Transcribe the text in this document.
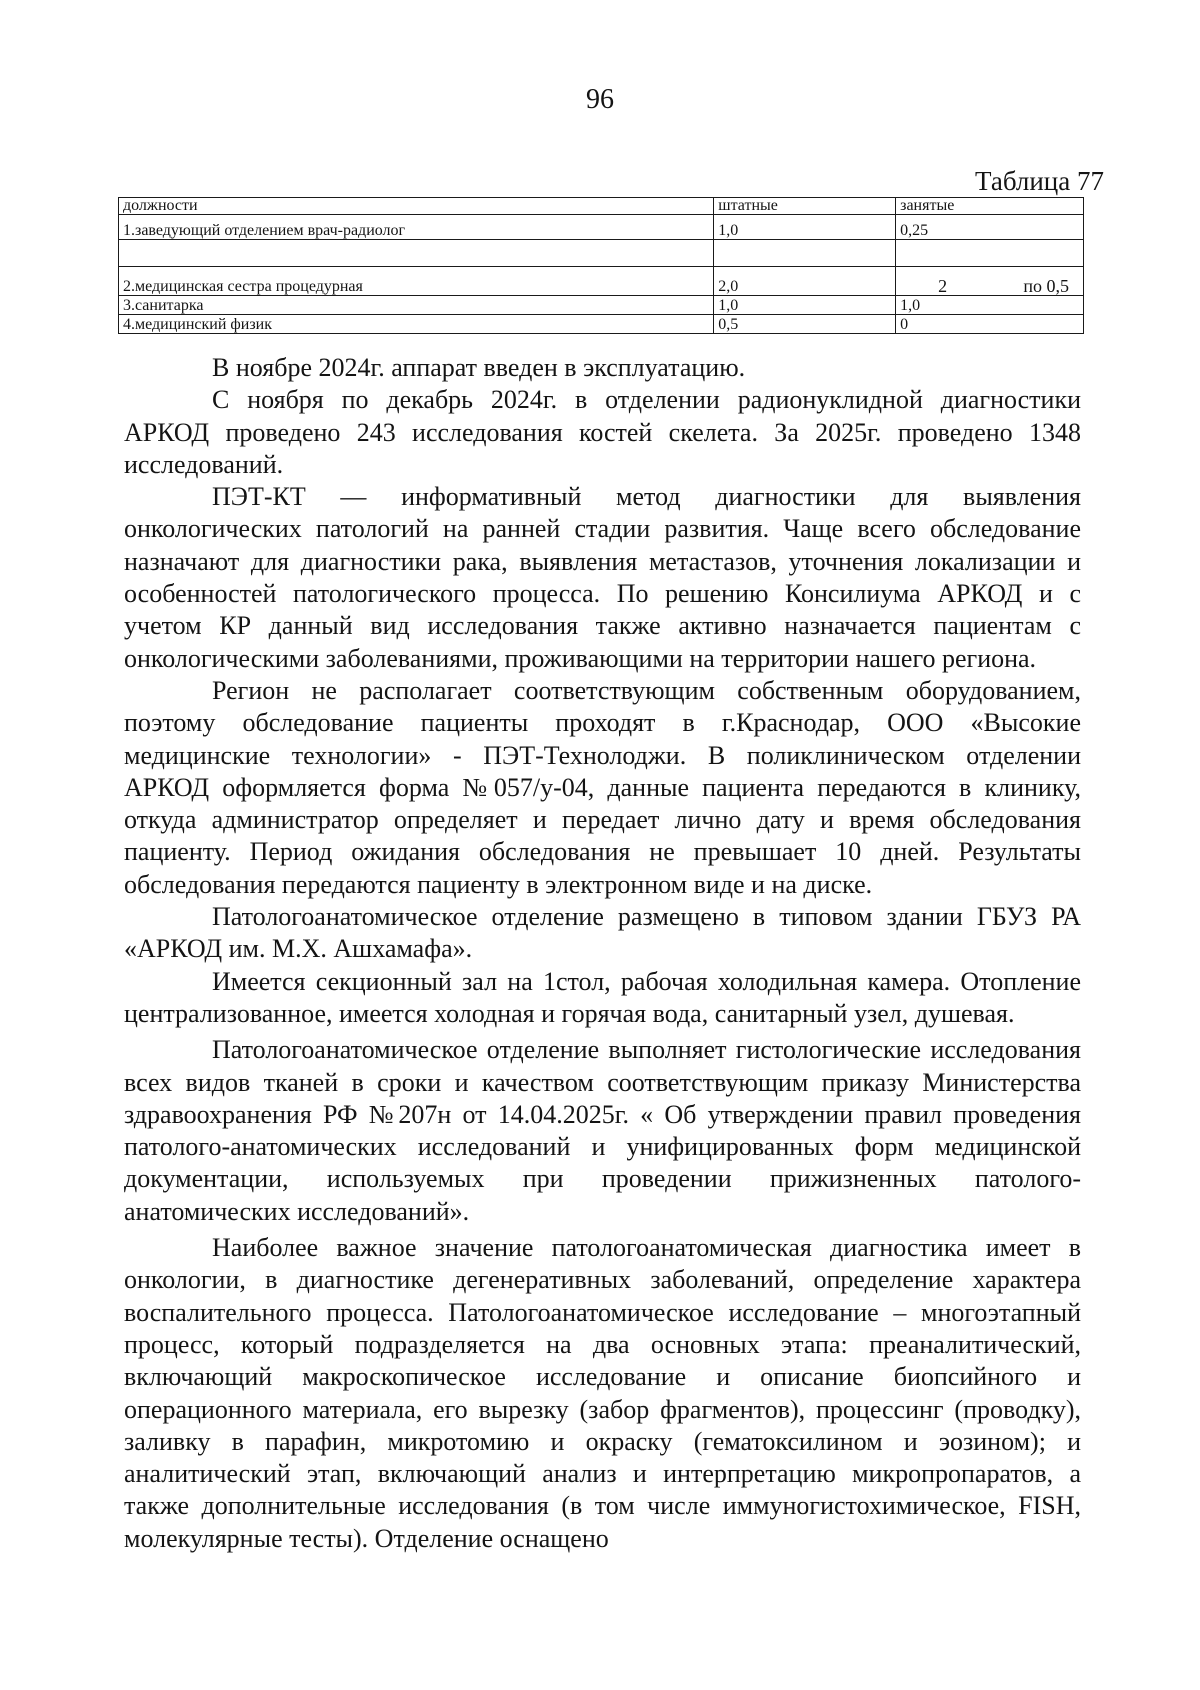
96
Таблица 77
должности	штатные	занятые
1.заведующий отделением врач-радиолог	1,0	0,25

2.медицинская сестра процедурная	2,0	2 по 0,5

3.санитарка	1,0	1,0
4.медицинский физик	0,5	0

В ноябре 2024г. аппарат введен в эксплуатацию.

С ноября по декабрь 2024г. в отделении радионуклидной диагностики АРКОД проведено 243 исследования костей скелета. За 2025г. проведено 1348 исследований.

ПЭТ-КТ — информативный метод диагностики для выявления онкологических патологий на ранней стадии развития. Чаще всего обследование назначают для диагностики рака, выявления метастазов, уточнения локализации и особенностей патологического процесса. По решению Консилиума АРКОД и с учетом КР данный вид исследования также активно назначается пациентам с онкологическими заболеваниями, проживающими на территории нашего региона.

Регион не располагает соответствующим собственным оборудованием, поэтому обследование пациенты проходят в г.Краснодар, ООО «Высокие медицинские технологии» - ПЭТ-Технолоджи. В поликлиническом отделении АРКОД оформляется форма №057/у-04, данные пациента передаются в клинику, откуда администратор определяет и передает лично дату и время обследования пациенту. Период ожидания обследования не превышает 10 дней. Результаты обследования передаются пациенту в электронном виде и на диске.

Патологоанатомическое отделение размещено в типовом здании ГБУЗ РА «АРКОД им. М.Х. Ашхамафа».

Имеется секционный зал на 1стол, рабочая холодильная камера. Отопление централизованное, имеется холодная и горячая вода, санитарный узел, душевая.

Патологоанатомическое отделение выполняет гистологические исследования всех видов тканей в сроки и качеством соответствующим приказу Министерства здравоохранения РФ №207н от 14.04.2025г. « Об утверждении правил проведения патолого-анатомических исследований и унифицированных форм медицинской документации, используемых при проведении прижизненных патолого-анатомических исследований».

Наиболее важное значение патологоанатомическая диагностика имеет в онкологии, в диагностике дегенеративных заболеваний, определение характера воспалительного процесса. Патологоанатомическое исследование – многоэтапный процесс, который подразделяется на два основных этапа: преаналитический, включающий макроскопическое исследование и описание биопсийного и операционного материала, его вырезку (забор фрагментов), процессинг (проводку), заливку в парафин, микротомию и окраску (гематоксилином и эозином); и аналитический этап, включающий анализ и интерпретацию микропропаратов, а также дополнительные исследования (в том числе иммуногистохимическое, FISH, молекулярные тесты). Отделение оснащено
